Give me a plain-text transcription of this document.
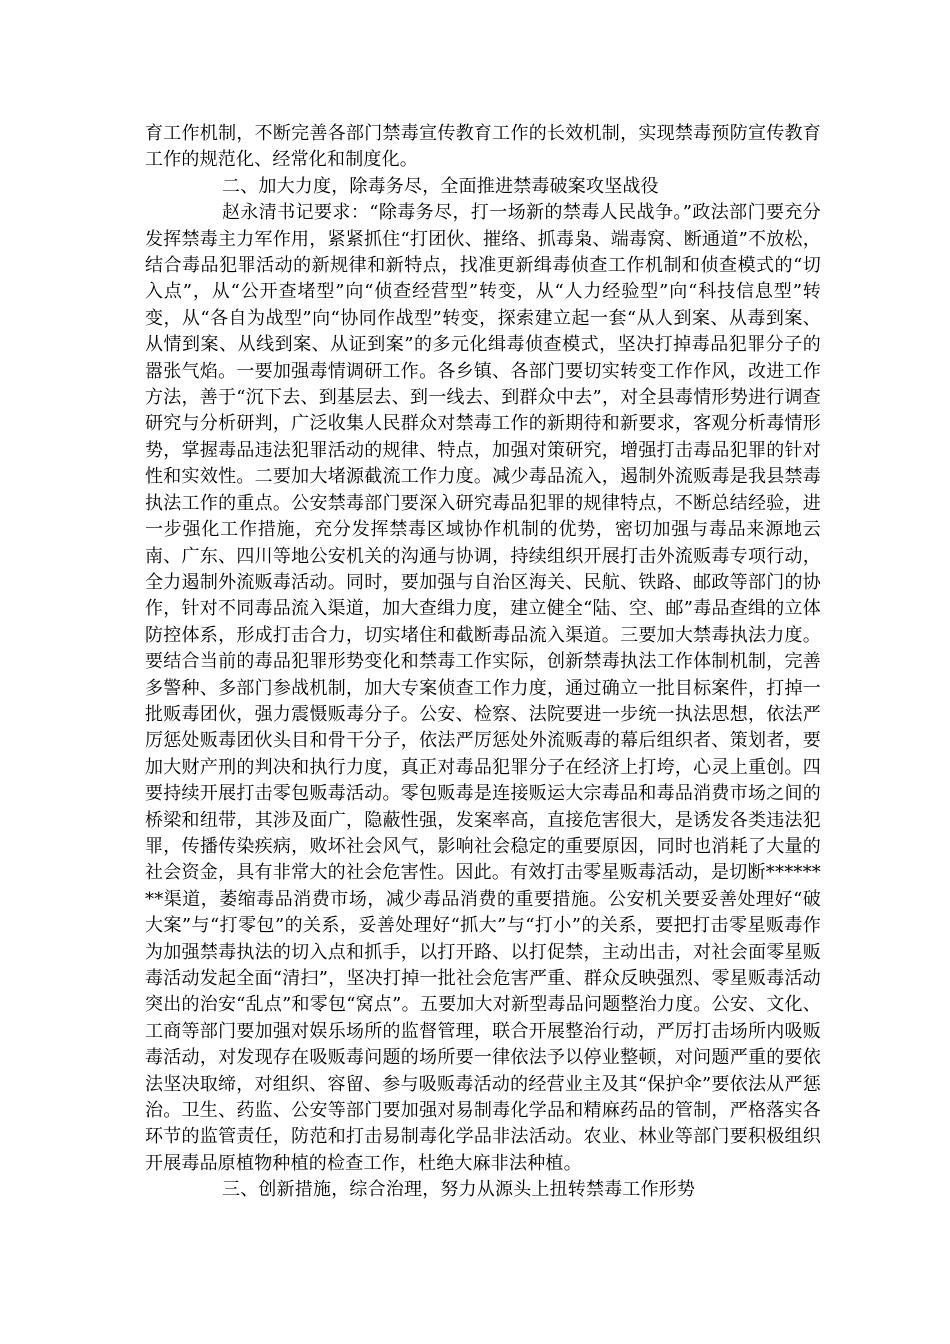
育工作机制，不断完善各部门禁毒宣传教育工作的长效机制，实现禁毒预防宣传教育工作的规范化、经常化和制度化。

二、加大力度，除毒务尽，全面推进禁毒破案攻坚战役

赵永清书记要求：“除毒务尽，打一场新的禁毒人民战争。”政法部门要充分发挥禁毒主力军作用，紧紧抓住“打团伙、摧络、抓毒枭、端毒窝、断通道”不放松，结合毒品犯罪活动的新规律和新特点，找准更新缉毒侦查工作机制和侦查模式的“切入点”，从“公开查堵型”向“侦查经营型”转变，从“人力经验型”向“科技信息型”转变，从“各自为战型”向“协同作战型”转变，探索建立起一套“从人到案、从毒到案、从情到案、从线到案、从证到案”的多元化缉毒侦查模式，坚决打掉毒品犯罪分子的嚣张气焰。一要加强毒情调研工作。各乡镇、各部门要切实转变工作作风，改进工作方法，善于“沉下去、到基层去、到一线去、到群众中去”，对全县毒情形势进行调查研究与分析研判，广泛收集人民群众对禁毒工作的新期待和新要求，客观分析毒情形势，掌握毒品违法犯罪活动的规律、特点，加强对策研究，增强打击毒品犯罪的针对性和实效性。二要加大堵源截流工作力度。减少毒品流入，遏制外流贩毒是我县禁毒执法工作的重点。公安禁毒部门要深入研究毒品犯罪的规律特点，不断总结经验，进一步强化工作措施，充分发挥禁毒区域协作机制的优势，密切加强与毒品来源地云南、广东、四川等地公安机关的沟通与协调，持续组织开展打击外流贩毒专项行动，全力遏制外流贩毒活动。同时，要加强与自治区海关、民航、铁路、邮政等部门的协作，针对不同毒品流入渠道，加大查缉力度，建立健全“陆、空、邮”毒品查缉的立体防控体系，形成打击合力，切实堵住和截断毒品流入渠道。三要加大禁毒执法力度。要结合当前的毒品犯罪形势变化和禁毒工作实际，创新禁毒执法工作体制机制，完善多警种、多部门参战机制，加大专案侦查工作力度，通过确立一批目标案件，打掉一批贩毒团伙，强力震慑贩毒分子。公安、检察、法院要进一步统一执法思想，依法严厉惩处贩毒团伙头目和骨干分子，依法严厉惩处外流贩毒的幕后组织者、策划者，要加大财产刑的判决和执行力度，真正对毒品犯罪分子在经济上打垮，心灵上重创。四要持续开展打击零包贩毒活动。零包贩毒是连接贩运大宗毒品和毒品消费市场之间的桥梁和纽带，其涉及面广，隐蔽性强，发案率高，直接危害很大，是诱发各类违法犯罪，传播传染疾病，败坏社会风气，影响社会稳定的重要原因，同时也消耗了大量的社会资金，具有非常大的社会危害性。因此。有效打击零星贩毒活动，是切断********渠道，萎缩毒品消费市场，减少毒品消费的重要措施。公安机关要妥善处理好“破大案”与“打零包”的关系，妥善处理好“抓大”与“打小”的关系，要把打击零星贩毒作为加强禁毒执法的切入点和抓手，以打开路、以打促禁，主动出击，对社会面零星贩毒活动发起全面“清扫”，坚决打掉一批社会危害严重、群众反映强烈、零星贩毒活动突出的治安“乱点”和零包“窝点”。五要加大对新型毒品问题整治力度。公安、文化、工商等部门要加强对娱乐场所的监督管理，联合开展整治行动，严厉打击场所内吸贩毒活动，对发现存在吸贩毒问题的场所要一律依法予以停业整顿，对问题严重的要依法坚决取缔，对组织、容留、参与吸贩毒活动的经营业主及其“保护伞”要依法从严惩治。卫生、药监、公安等部门要加强对易制毒化学品和精麻药品的管制，严格落实各环节的监管责任，防范和打击易制毒化学品非法活动。农业、林业等部门要积极组织开展毒品原植物种植的检查工作，杜绝大麻非法种植。

三、创新措施，综合治理，努力从源头上扭转禁毒工作形势
